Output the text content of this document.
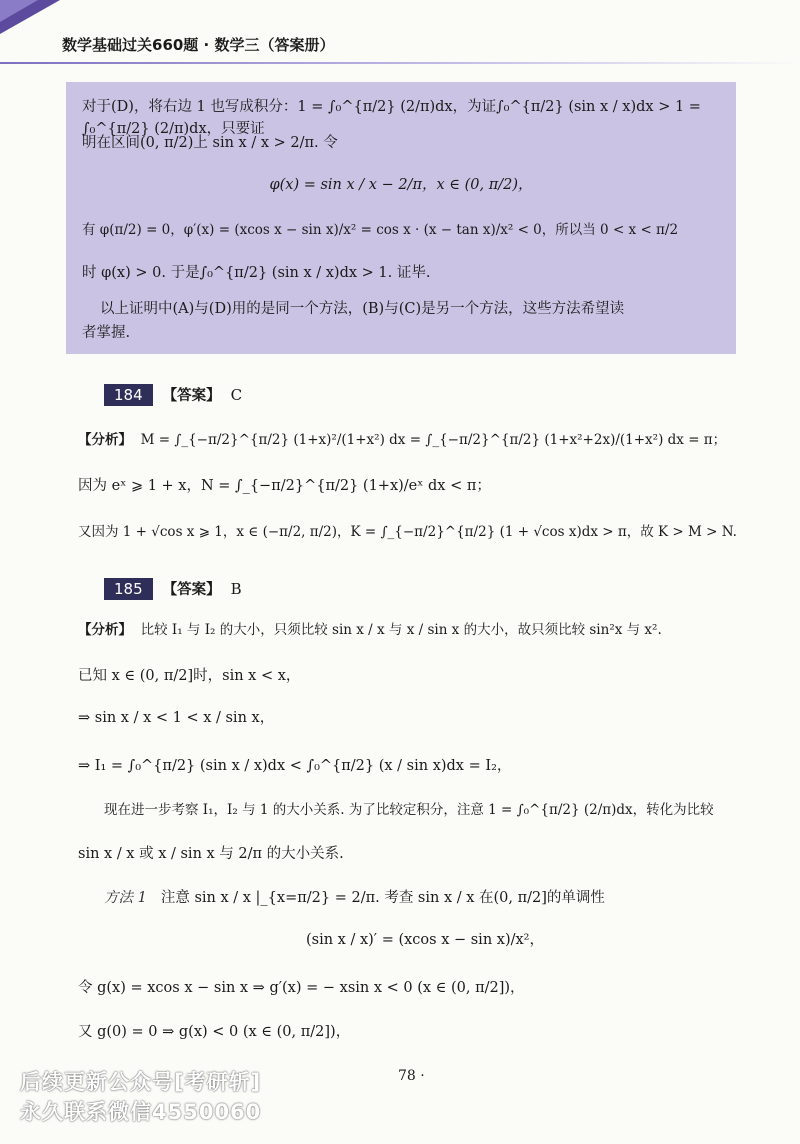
数学基础过关660题 · 数学三（答案册）
对于(D)，将右边 1 也写成积分：1 = ∫₀^{π/2} (2/π)dx，为证∫₀^{π/2} (sin x / x)dx > 1 = ∫₀^{π/2} (2/π)dx，只要证
明在区间(0, π/2)上 sin x / x > 2/π. 令
φ(x) = sin x / x − 2/π，x ∈ (0, π/2)，
有 φ(π/2) = 0，φ′(x) = (xcos x − sin x)/x² = cos x · (x − tan x)/x² < 0，所以当 0 < x < π/2
时 φ(x) > 0. 于是∫₀^{π/2} (sin x / x)dx > 1. 证毕.
以上证明中(A)与(D)用的是同一个方法，(B)与(C)是另一个方法，这些方法希望读
者掌握.
184 【答案】 C
【分析】 M = ∫_{−π/2}^{π/2} (1+x)²/(1+x²) dx = ∫_{−π/2}^{π/2} (1+x²+2x)/(1+x²) dx = π；
因为 eˣ ⩾ 1 + x，N = ∫_{−π/2}^{π/2} (1+x)/eˣ dx < π；
又因为 1 + √cos x ⩾ 1，x ∈ (−π/2, π/2)，K = ∫_{−π/2}^{π/2} (1 + √cos x)dx > π，故 K > M > N.
185 【答案】 B
【分析】 比较 I₁ 与 I₂ 的大小，只须比较 sin x / x 与 x / sin x 的大小，故只须比较 sin²x 与 x².
已知 x ∈ (0, π/2]时，sin x < x，
⇒ sin x / x < 1 < x / sin x，
⇒ I₁ = ∫₀^{π/2} (sin x / x)dx < ∫₀^{π/2} (x / sin x)dx = I₂，
现在进一步考察 I₁，I₂ 与 1 的大小关系. 为了比较定积分，注意 1 = ∫₀^{π/2} (2/π)dx，转化为比较
sin x / x 或 x / sin x 与 2/π 的大小关系.
方法 1 注意 sin x / x |_{x=π/2} = 2/π. 考查 sin x / x 在(0, π/2]的单调性
(sin x / x)′ = (xcos x − sin x)/x²，
令 g(x) = xcos x − sin x ⇒ g′(x) = − xsin x < 0 (x ∈ (0, π/2])，
又 g(0) = 0 ⇒ g(x) < 0 (x ∈ (0, π/2])，
78 ·
后续更新公众号[考研斩]
永久联系微信4550060
